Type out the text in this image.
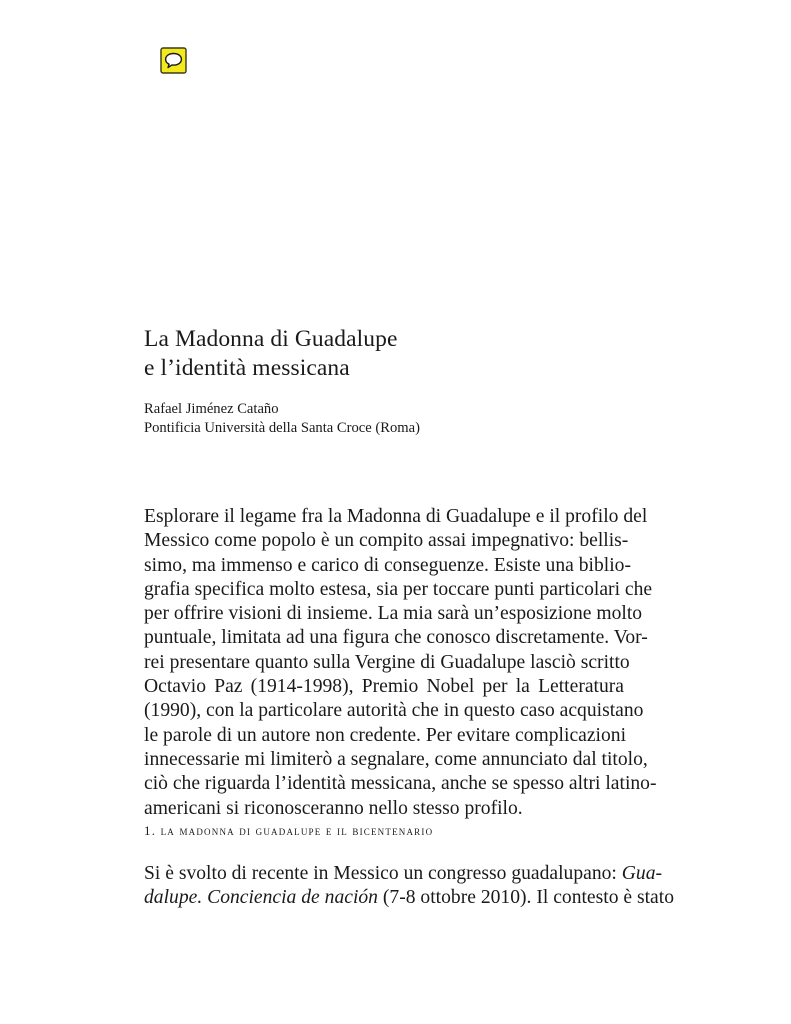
La Madonna di Guadalupe
e l’identità messicana
Rafael Jiménez Cataño
Pontificia Università della Santa Croce (Roma)
Esplorare il legame fra la Madonna di Guadalupe e il profilo del
Messico come popolo è un compito assai impegnativo: bellis-
simo, ma immenso e carico di conseguenze. Esiste una biblio-
grafia specifica molto estesa, sia per toccare punti particolari che
per offrire visioni di insieme. La mia sarà un’esposizione molto
puntuale, limitata ad una figura che conosco discretamente. Vor-
rei presentare quanto sulla Vergine di Guadalupe lasciò scritto
Octavio Paz (1914-1998), Premio Nobel per la Letteratura
(1990), con la particolare autorità che in questo caso acquistano
le parole di un autore non credente. Per evitare complicazioni
innecessarie mi limiterò a segnalare, come annunciato dal titolo,
ciò che riguarda l’identità messicana, anche se spesso altri latino-
americani si riconosceranno nello stesso profilo.
1. la madonna di guadalupe e il bicentenario
Si è svolto di recente in Messico un congresso guadalupano: Gua-
dalupe. Conciencia de nación (7-8 ottobre 2010). Il contesto è stato
